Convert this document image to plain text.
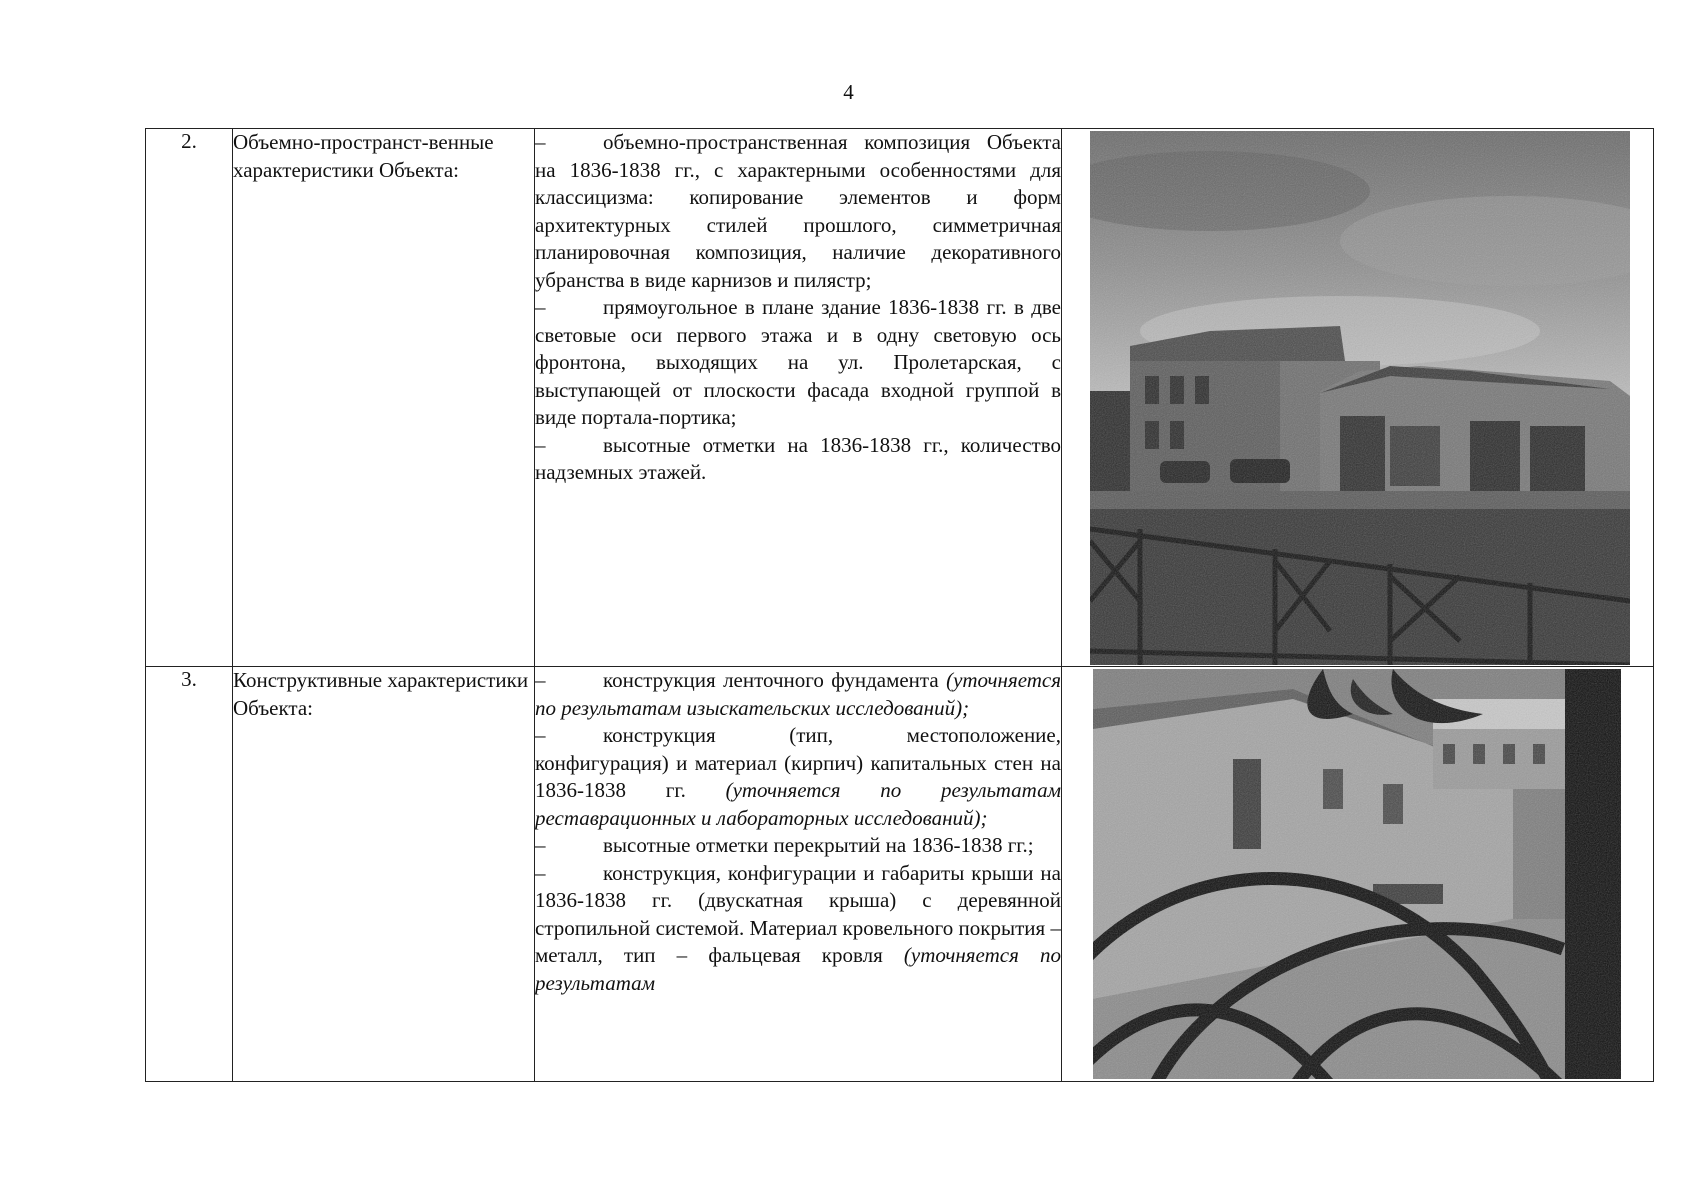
4
2.	Объемно-пространст-венные характеристики Объекта:	– объемно-пространственная композиция Объекта на 1836-1838 гг., с характерными особенностями для классицизма: копирование элементов и форм архитектурных стилей прошлого, симметричная планировочная композиция, наличие декоративного убранства в виде карнизов и пилястр;

– прямоугольное в плане здание 1836-1838 гг. в две световые оси первого этажа и в одну световую ось фронтона, выходящих на ул. Пролетарская, с выступающей от плоскости фасада входной группой в виде портала-портика;

– высотные отметки на 1836-1838 гг., количество надземных этажей.

3.	Конструктивные характеристики Объекта:	– конструкция ленточного фундамента (уточняется по результатам изыскательских исследований);

– конструкция (тип, местоположение, конфигурация) и материал (кирпич) капитальных стен на 1836-1838 гг. (уточняется по результатам реставрационных и лабораторных исследований);

– высотные отметки перекрытий на 1836-1838 гг.;

– конструкция, конфигурации и габариты крыши на 1836-1838 гг. (двускатная крыша) с деревянной стропильной системой. Материал кровельного покрытия – металл, тип – фальцевая кровля (уточняется по результатам
